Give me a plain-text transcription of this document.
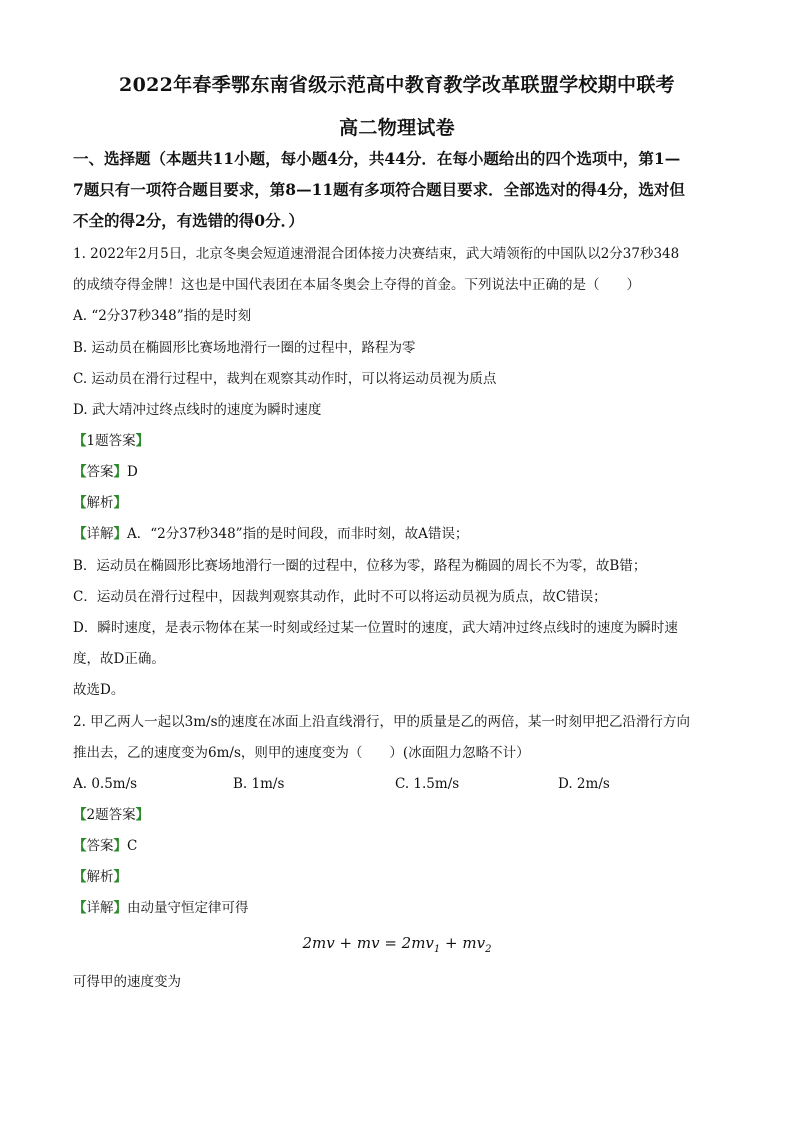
2022年春季鄂东南省级示范高中教育教学改革联盟学校期中联考
高二物理试卷
一、选择题（本题共11小题，每小题4分，共44分．在每小题给出的四个选项中，第1—
7题只有一项符合题目要求，第8—11题有多项符合题目要求．全部选对的得4分，选对但
不全的得2分，有选错的得0分．）
1. 2022年2月5日，北京冬奥会短道速滑混合团体接力决赛结束，武大靖领衔的中国队以2分37秒348
的成绩夺得金牌！这也是中国代表团在本届冬奥会上夺得的首金。下列说法中正确的是（　　）
A. “2分37秒348”指的是时刻
B. 运动员在椭圆形比赛场地滑行一圈的过程中，路程为零
C. 运动员在滑行过程中，裁判在观察其动作时，可以将运动员视为质点
D. 武大靖冲过终点线时的速度为瞬时速度
【1题答案】
【答案】D
【解析】
【详解】A．“2分37秒348”指的是时间段，而非时刻，故A错误；
B．运动员在椭圆形比赛场地滑行一圈的过程中，位移为零，路程为椭圆的周长不为零，故B错；
C．运动员在滑行过程中，因裁判观察其动作，此时不可以将运动员视为质点，故C错误；
D．瞬时速度，是表示物体在某一时刻或经过某一位置时的速度，武大靖冲过终点线时的速度为瞬时速
度，故D正确。
故选D。
2. 甲乙两人一起以3m/s的速度在冰面上沿直线滑行，甲的质量是乙的两倍，某一时刻甲把乙沿滑行方向
推出去，乙的速度变为6m/s，则甲的速度变为（　　）(冰面阻力忽略不计）
A. 0.5m/s	B. 1m/s	C. 1.5m/s	D. 2m/s
【2题答案】
【答案】C
【解析】
【详解】由动量守恒定律可得
2mv + mv = $2mv_1 + mv_2$
可得甲的速度变为
